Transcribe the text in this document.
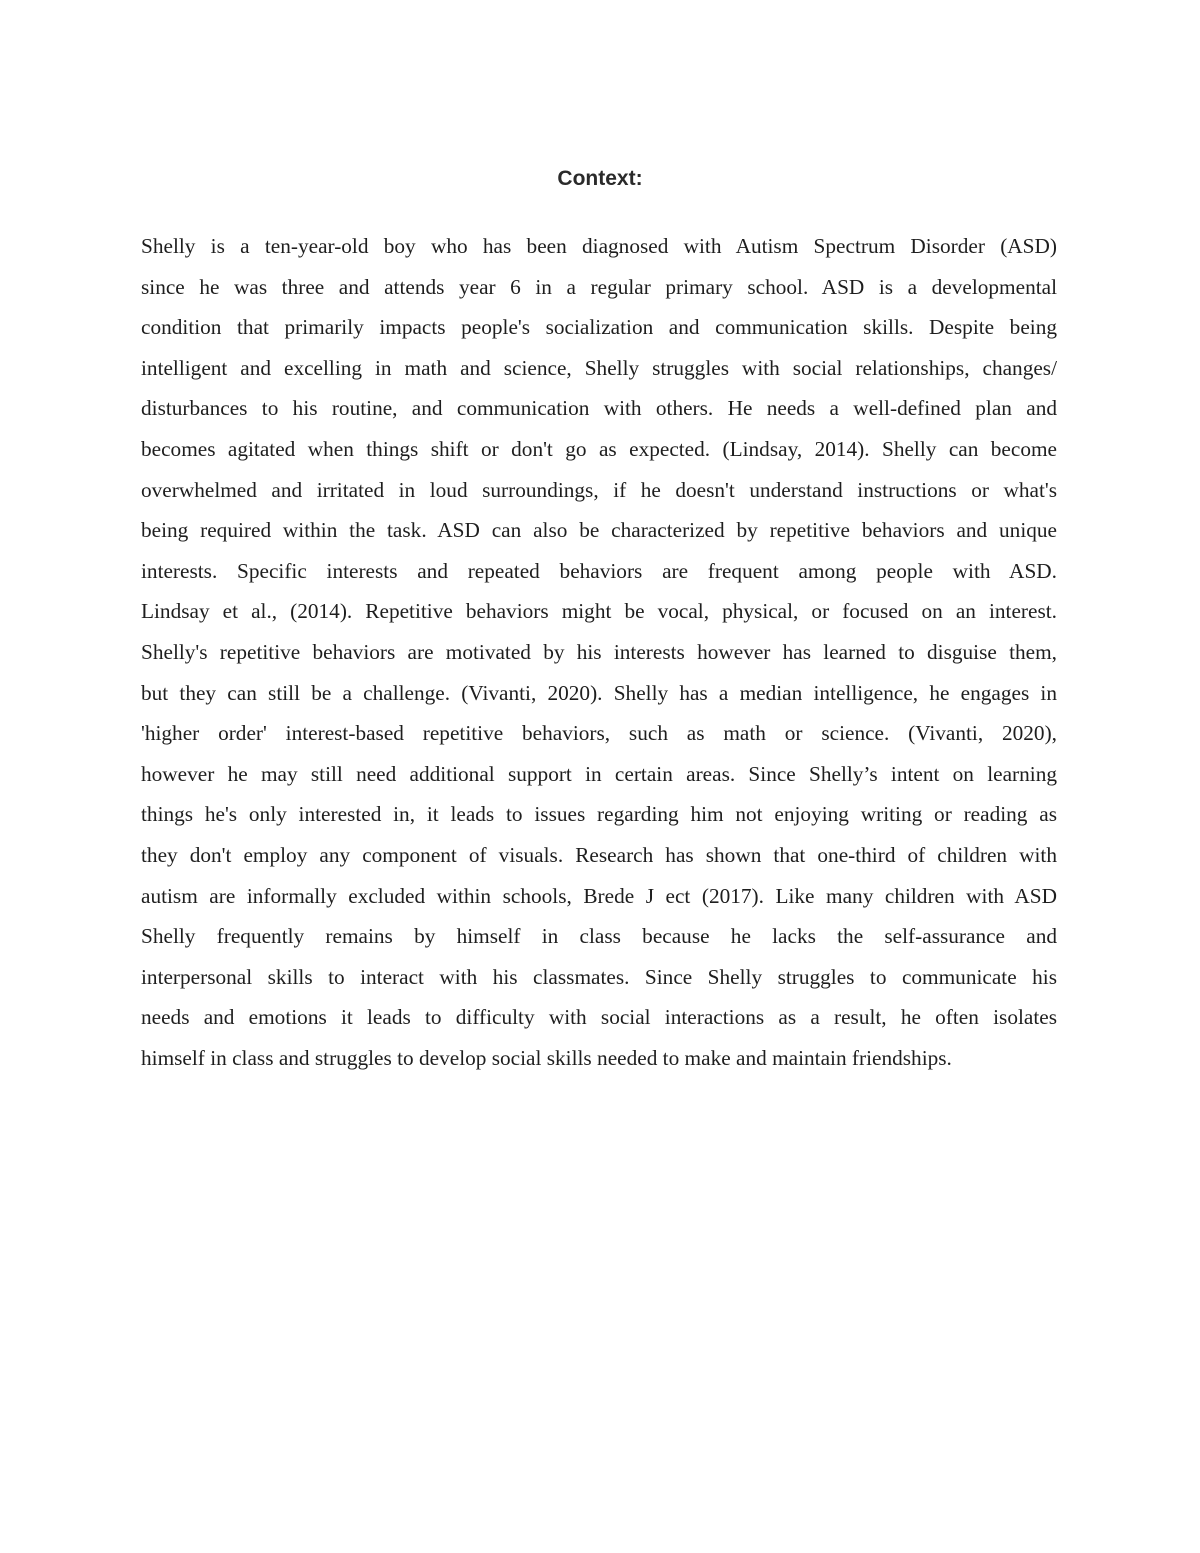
Context:
Shelly is a ten-year-old boy who has been diagnosed with Autism Spectrum Disorder (ASD)
since he was three and attends year 6 in a regular primary school. ASD is a developmental
condition that primarily impacts people's socialization and communication skills. Despite being
intelligent and excelling in math and science, Shelly struggles with social relationships, changes/
disturbances to his routine, and communication with others. He needs a well-defined plan and
becomes agitated when things shift or don't go as expected. (Lindsay, 2014). Shelly can become
overwhelmed and irritated in loud surroundings, if he doesn't understand instructions or what's
being required within the task. ASD can also be characterized by repetitive behaviors and unique
interests. Specific interests and repeated behaviors are frequent among people with ASD.
Lindsay et al., (2014). Repetitive behaviors might be vocal, physical, or focused on an interest.
Shelly's repetitive behaviors are motivated by his interests however has learned to disguise them,
but they can still be a challenge. (Vivanti, 2020). Shelly has a median intelligence, he engages in
'higher order' interest-based repetitive behaviors, such as math or science. (Vivanti, 2020),
however he may still need additional support in certain areas. Since Shelly’s intent on learning
things he's only interested in, it leads to issues regarding him not enjoying writing or reading as
they don't employ any component of visuals. Research has shown that one-third of children with
autism are informally excluded within schools, Brede J ect (2017). Like many children with ASD
Shelly frequently remains by himself in class because he lacks the self-assurance and
interpersonal skills to interact with his classmates. Since Shelly struggles to communicate his
needs and emotions it leads to difficulty with social interactions as a result, he often isolates
himself in class and struggles to develop social skills needed to make and maintain friendships.
